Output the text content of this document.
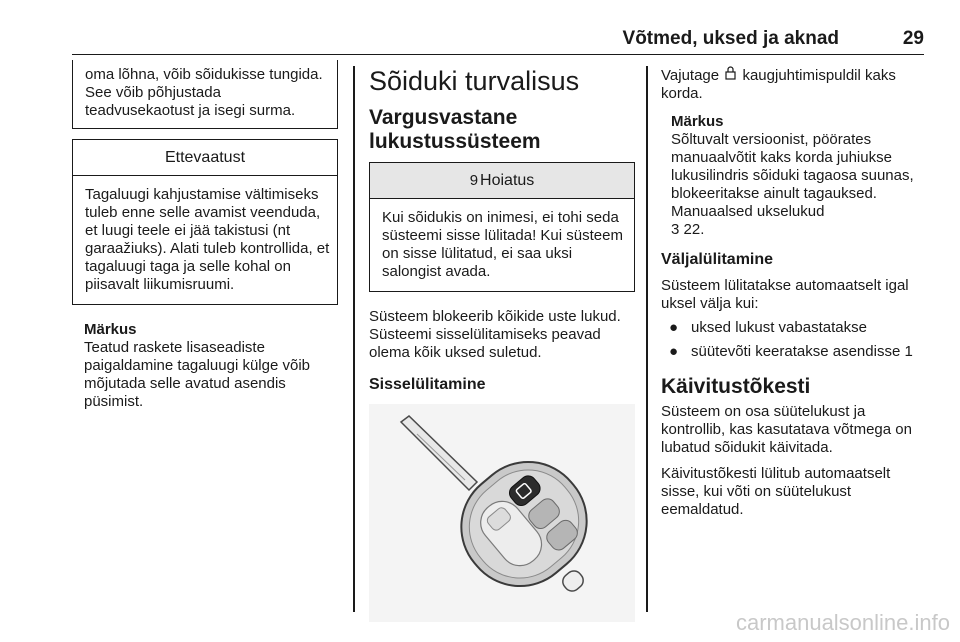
Võtmed, uksed ja aknad	29

oma lõhna, võib sõidukisse tungida. See võib põhjustada teadvusekaotust ja isegi surma.

Ettevaatust
Tagaluugi kahjustamise vältimiseks tuleb enne selle avamist veenduda, et luugi teele ei jää takistusi (nt garaažiuks). Alati tuleb kontrollida, et tagaluugi taga ja selle kohal on piisavalt liikumisruumi.

Märkus

Teatud raskete lisaseadiste paigaldamine tagaluugi külge võib mõjutada selle avatud asendis püsimist.

Sõiduki turvalisus
Vargusvastane lukustussüsteem
9 Hoiatus
Kui sõidukis on inimesi, ei tohi seda süsteemi sisse lülitada! Kui süsteem on sisse lülitatud, ei saa uksi salongist avada.

Süsteem blokeerib kõikide uste lukud. Süsteemi sisselülitamiseks peavad olema kõik uksed suletud.

Sisselülitamine

Vajutage kaugjuhtimispuldil kaks korda.

Märkus

Sõltuvalt versioonist, pöörates manuaalvõtit kaks korda juhiukse lukusilindris sõiduki tagaosa suunas, blokeeritakse ainult tagauksed. Manuaalsed ukselukud
3 22.

Väljalülitamine

Süsteem lülitatakse automaatselt igal uksel välja kui:

● uksed lukust vabastatakse
● süütevõti keeratakse asendisse 1
Käivitustõkesti

Süsteem on osa süütelukust ja kontrollib, kas kasutatava võtmega on lubatud sõidukit käivitada.

Käivitustõkesti lülitub automaatselt sisse, kui võti on süütelukust eemaldatud.

carmanualsonline.info
